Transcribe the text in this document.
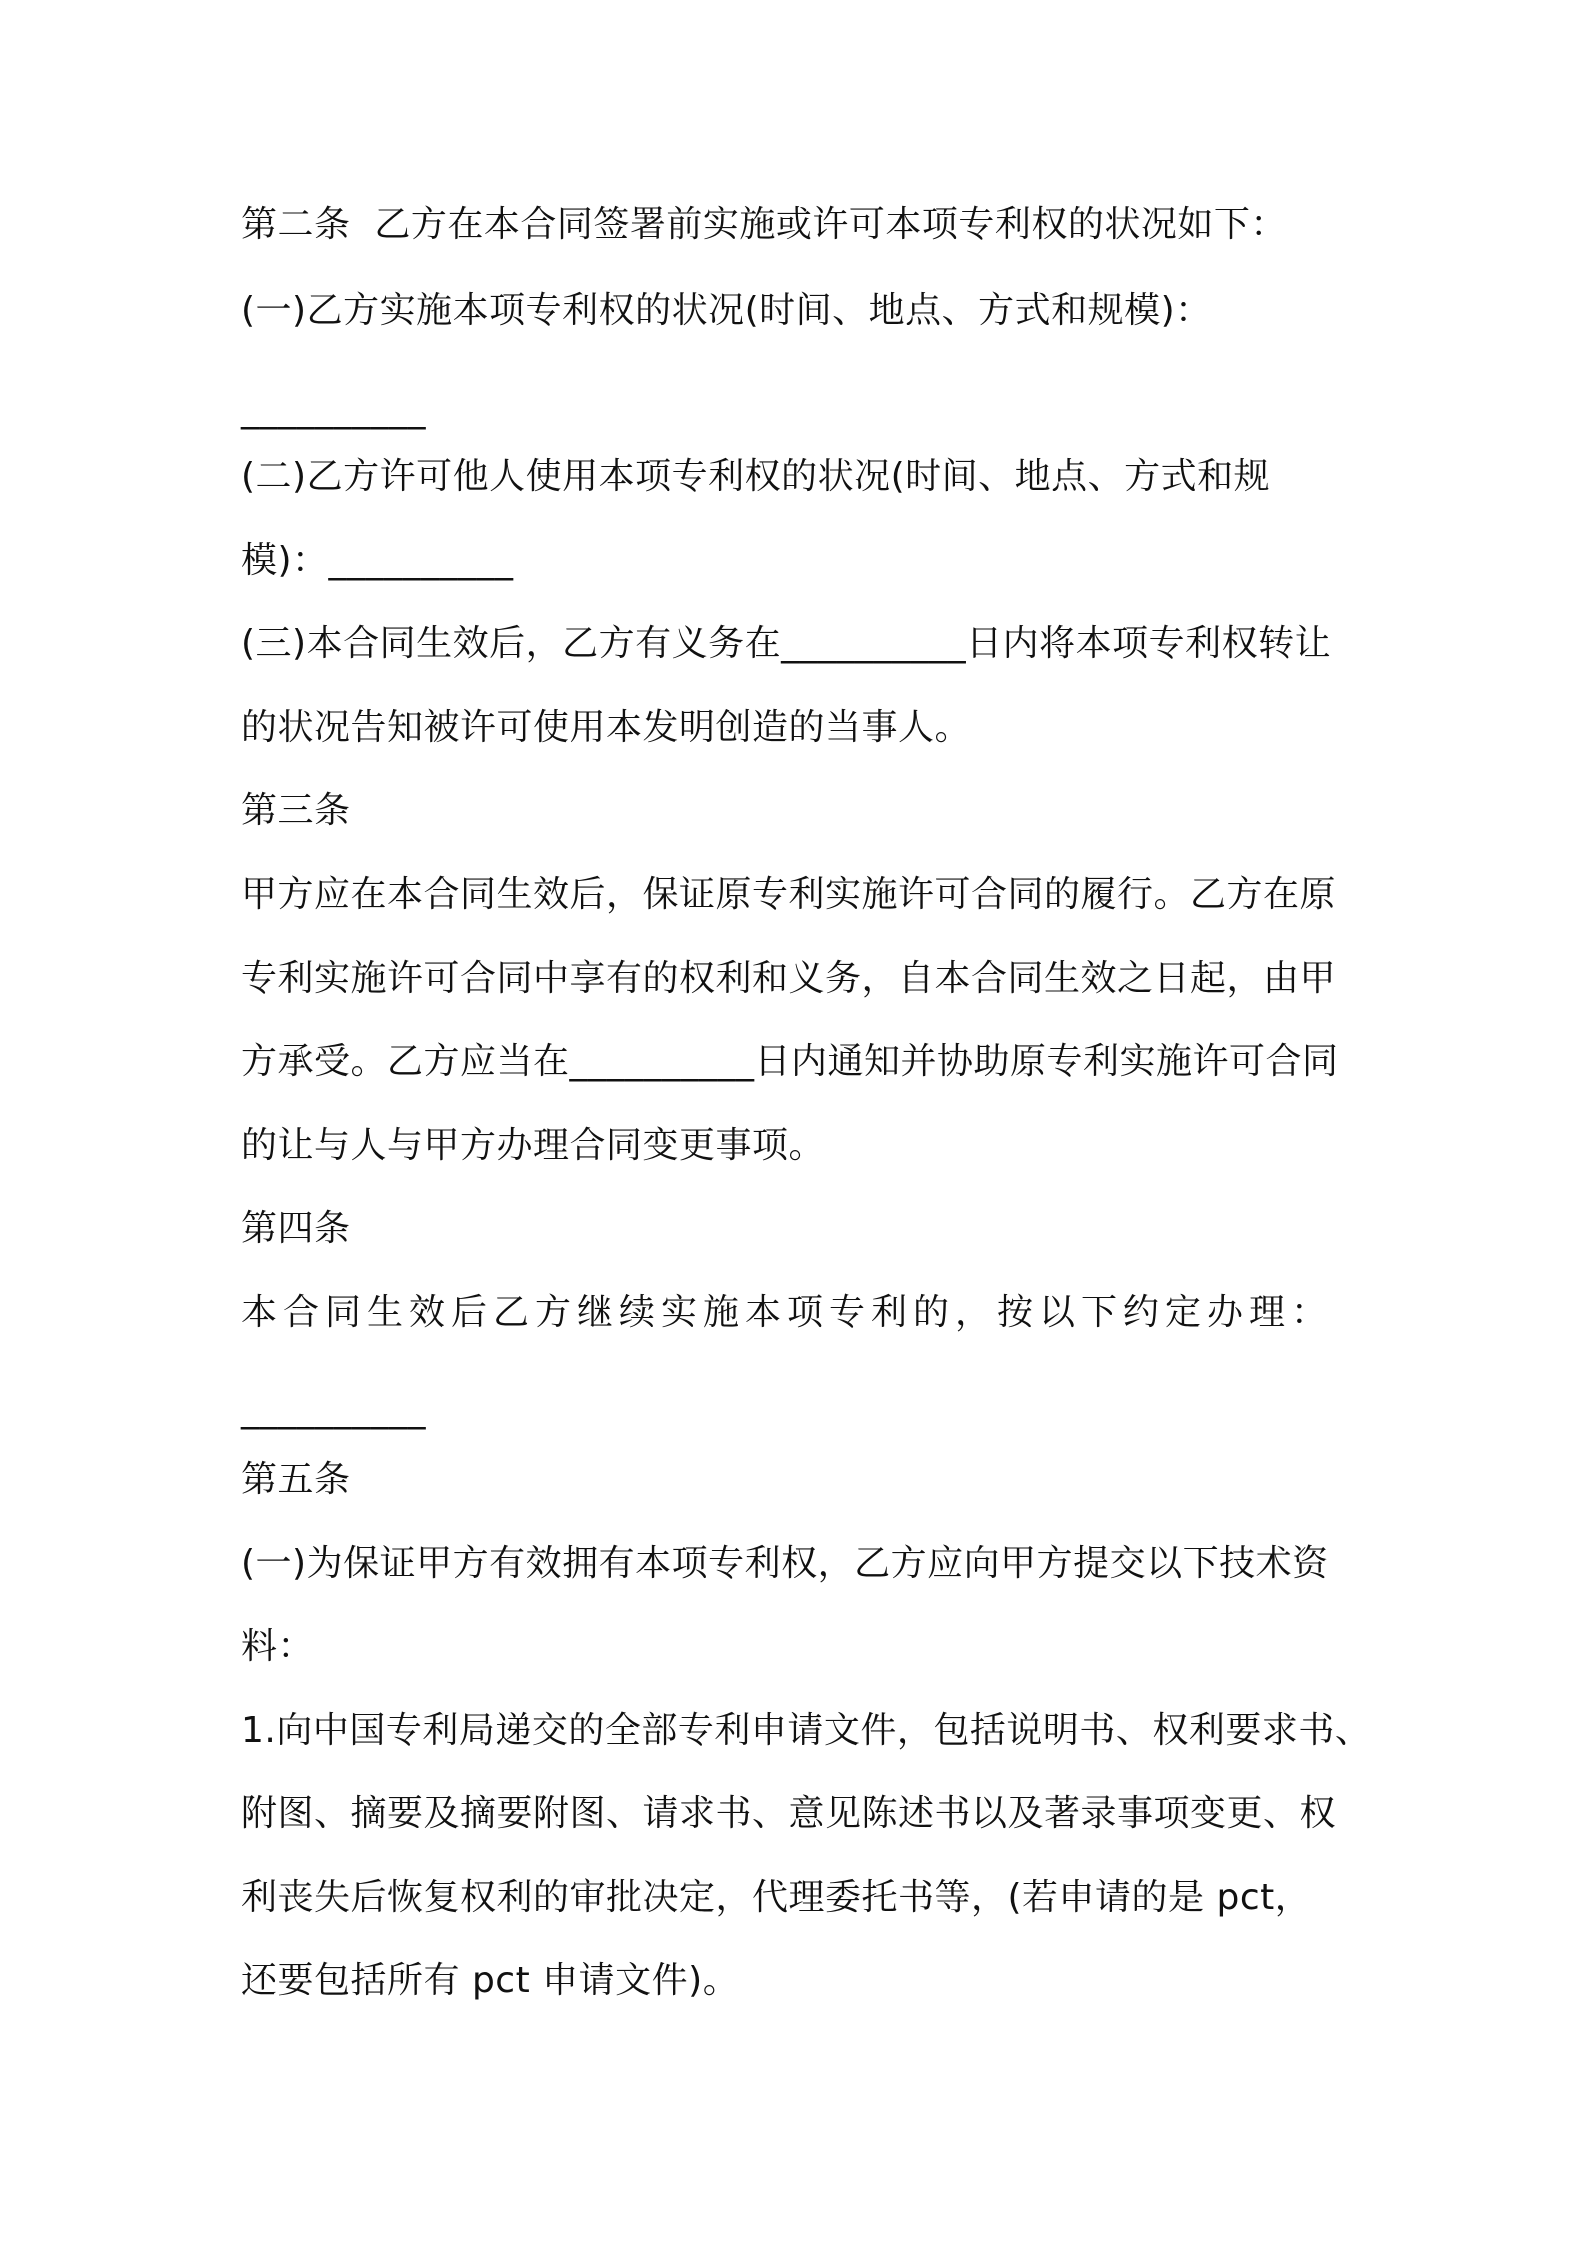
第二条  乙方在本合同签署前实施或许可本项专利权的状况如下：
(一)乙方实施本项专利权的状况(时间、地点、方式和规模)：
__________
(二)乙方许可他人使用本项专利权的状况(时间、地点、方式和规
模)：__________
(三)本合同生效后，乙方有义务在__________日内将本项专利权转让
的状况告知被许可使用本发明创造的当事人。
第三条
甲方应在本合同生效后，保证原专利实施许可合同的履行。乙方在原
专利实施许可合同中享有的权利和义务，自本合同生效之日起，由甲
方承受。乙方应当在__________日内通知并协助原专利实施许可合同
的让与人与甲方办理合同变更事项。
第四条
本合同生效后乙方继续实施本项专利的，按以下约定办理：
__________
第五条
(一)为保证甲方有效拥有本项专利权，乙方应向甲方提交以下技术资
料：
1.向中国专利局递交的全部专利申请文件，包括说明书、权利要求书、
附图、摘要及摘要附图、请求书、意见陈述书以及著录事项变更、权
利丧失后恢复权利的审批决定，代理委托书等，(若申请的是 pct，
还要包括所有 pct 申请文件)。
